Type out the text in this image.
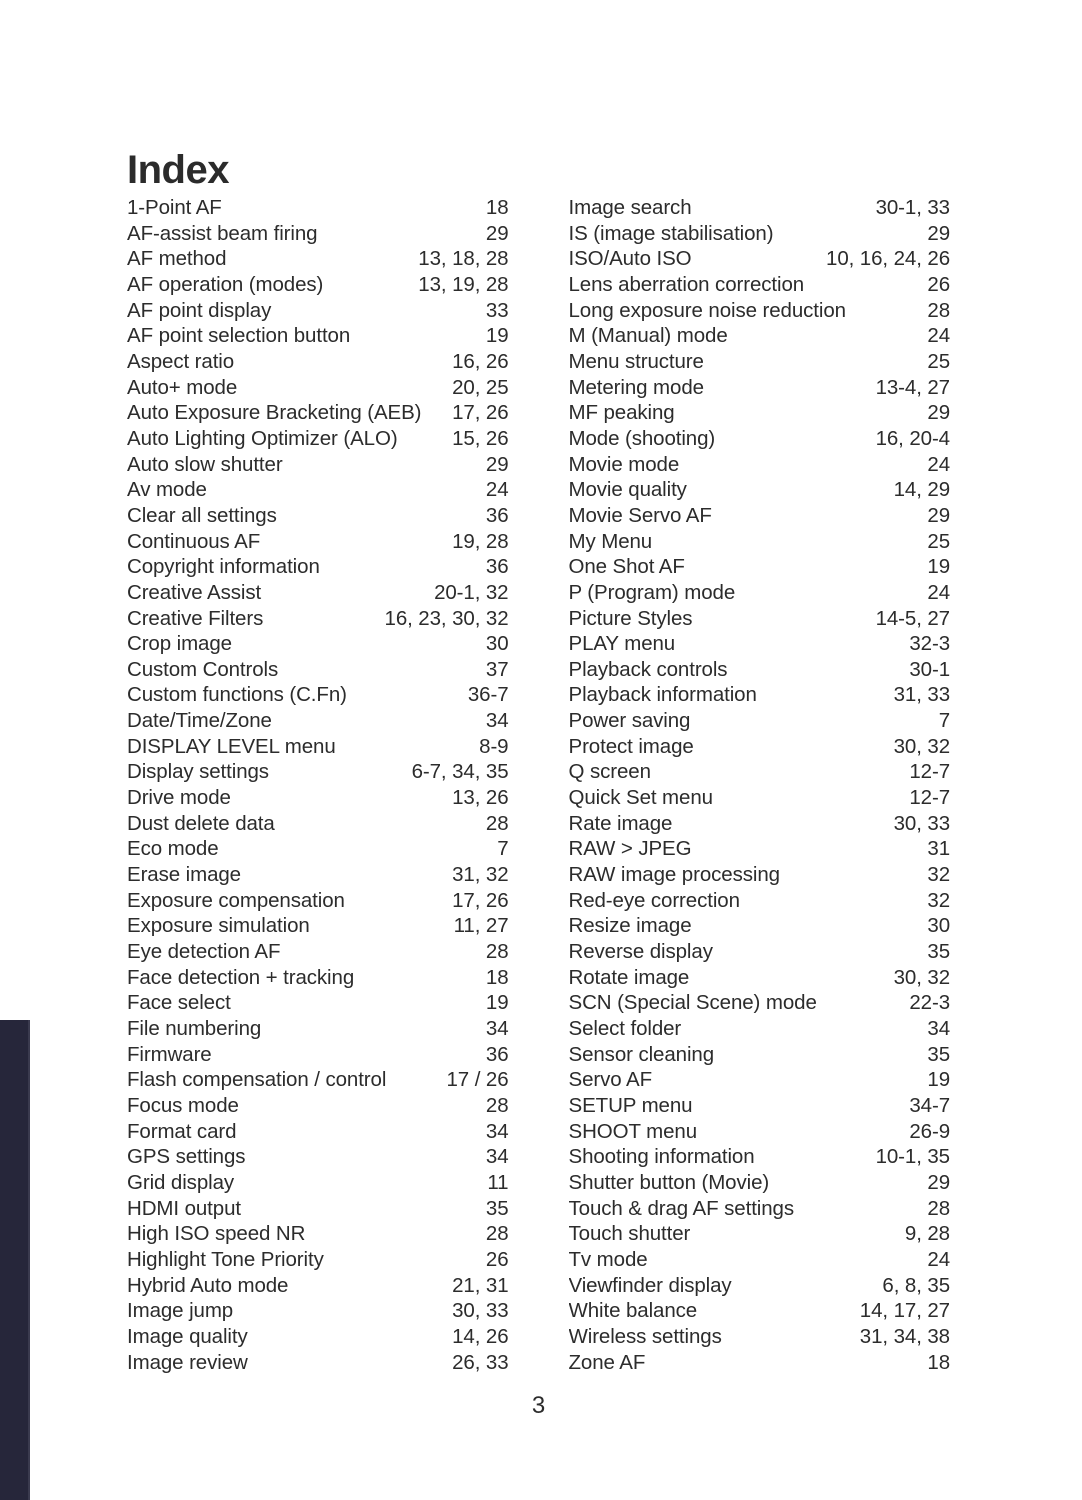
Index
1-Point AF	18
AF-assist beam firing	29
AF method	13, 18, 28
AF operation (modes)	13, 19, 28
AF point display	33
AF point selection button	19
Aspect ratio	16, 26
Auto+ mode	20, 25
Auto Exposure Bracketing (AEB)	17, 26
Auto Lighting Optimizer (ALO)	15, 26
Auto slow shutter	29
Av mode	24
Clear all settings	36
Continuous AF	19, 28
Copyright information	36
Creative Assist	20-1, 32
Creative Filters	16, 23, 30, 32
Crop image	30
Custom Controls	37
Custom functions (C.Fn)	36-7
Date/Time/Zone	34
DISPLAY LEVEL menu	8-9
Display settings	6-7, 34, 35
Drive mode	13, 26
Dust delete data	28
Eco mode	7
Erase image	31, 32
Exposure compensation	17, 26
Exposure simulation	11, 27
Eye detection AF	28
Face detection + tracking	18
Face select	19
File numbering	34
Firmware	36
Flash compensation / control	17 / 26
Focus mode	28
Format card	34
GPS settings	34
Grid display	11
HDMI output	35
High ISO speed NR	28
Highlight Tone Priority	26
Hybrid Auto mode	21, 31
Image jump	30, 33
Image quality	14, 26
Image review	26, 33
Image search	30-1, 33
IS (image stabilisation)	29
ISO/Auto ISO	10, 16, 24, 26
Lens aberration correction	26
Long exposure noise reduction	28
M (Manual) mode	24
Menu structure	25
Metering mode	13-4, 27
MF peaking	29
Mode (shooting)	16, 20-4
Movie mode	24
Movie quality	14, 29
Movie Servo AF	29
My Menu	25
One Shot AF	19
P (Program) mode	24
Picture Styles	14-5, 27
PLAY menu	32-3
Playback controls	30-1
Playback information	31, 33
Power saving	7
Protect image	30, 32
Q screen	12-7
Quick Set menu	12-7
Rate image	30, 33
RAW > JPEG	31
RAW image processing	32
Red-eye correction	32
Resize image	30
Reverse display	35
Rotate image	30, 32
SCN (Special Scene) mode	22-3
Select folder	34
Sensor cleaning	35
Servo AF	19
SETUP menu	34-7
SHOOT menu	26-9
Shooting information	10-1, 35
Shutter button (Movie)	29
Touch & drag AF settings	28
Touch shutter	9, 28
Tv mode	24
Viewfinder display	6, 8, 35
White balance	14, 17, 27
Wireless settings	31, 34, 38
Zone AF	18
3
